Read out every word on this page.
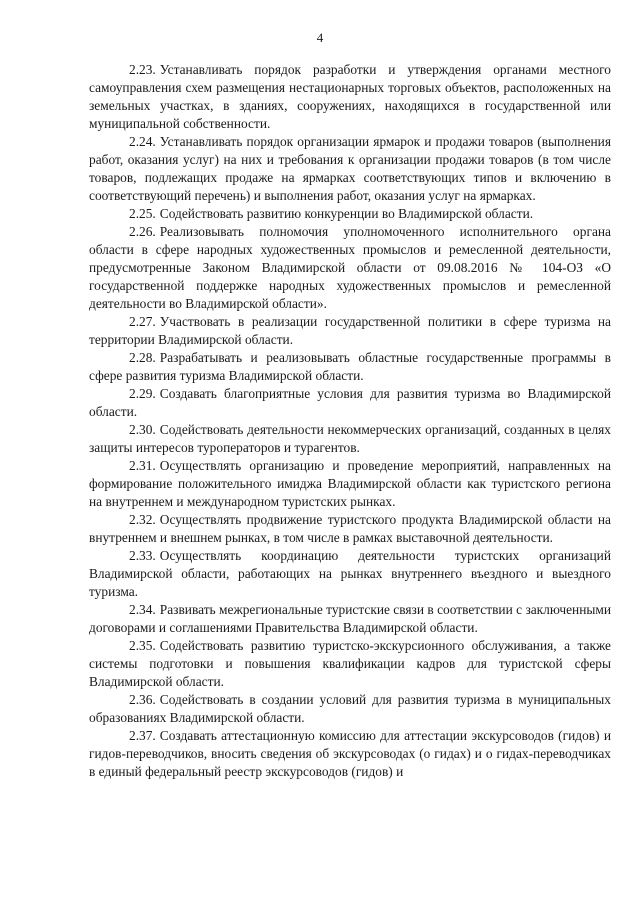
4

2.23. Устанавливать порядок разработки и утверждения органами местного самоуправления схем размещения нестационарных торговых объектов, расположенных на земельных участках, в зданиях, сооружениях, находящихся в государственной или муниципальной собственности.

2.24. Устанавливать порядок организации ярмарок и продажи товаров (выполнения работ, оказания услуг) на них и требования к организации продажи товаров (в том числе товаров, подлежащих продаже на ярмарках соответствующих типов и включению в соответствующий перечень) и выполнения работ, оказания услуг на ярмарках.

2.25. Содействовать развитию конкуренции во Владимирской области.

2.26. Реализовывать полномочия уполномоченного исполнительного органа области в сфере народных художественных промыслов и ремесленной деятельности, предусмотренные Законом Владимирской области от 09.08.2016 № 104-ОЗ «О государственной поддержке народных художественных промыслов и ремесленной деятельности во Владимирской области».

2.27. Участвовать в реализации государственной политики в сфере туризма на территории Владимирской области.

2.28. Разрабатывать и реализовывать областные государственные программы в сфере развития туризма Владимирской области.

2.29. Создавать благоприятные условия для развития туризма во Владимирской области.

2.30. Содействовать деятельности некоммерческих организаций, созданных в целях защиты интересов туроператоров и турагентов.

2.31. Осуществлять организацию и проведение мероприятий, направленных на формирование положительного имиджа Владимирской области как туристского региона на внутреннем и международном туристских рынках.

2.32. Осуществлять продвижение туристского продукта Владимирской области на внутреннем и внешнем рынках, в том числе в рамках выставочной деятельности.

2.33. Осуществлять координацию деятельности туристских организаций Владимирской области, работающих на рынках внутреннего въездного и выездного туризма.

2.34. Развивать межрегиональные туристские связи в соответствии с заключенными договорами и соглашениями Правительства Владимирской области.

2.35. Содействовать развитию туристско-экскурсионного обслуживания, а также системы подготовки и повышения квалификации кадров для туристской сферы Владимирской области.

2.36. Содействовать в создании условий для развития туризма в муниципальных образованиях Владимирской области.

2.37. Создавать аттестационную комиссию для аттестации экскурсоводов (гидов) и гидов-переводчиков, вносить сведения об экскурсоводах (о гидах) и о гидах-переводчиках в единый федеральный реестр экскурсоводов (гидов) и
